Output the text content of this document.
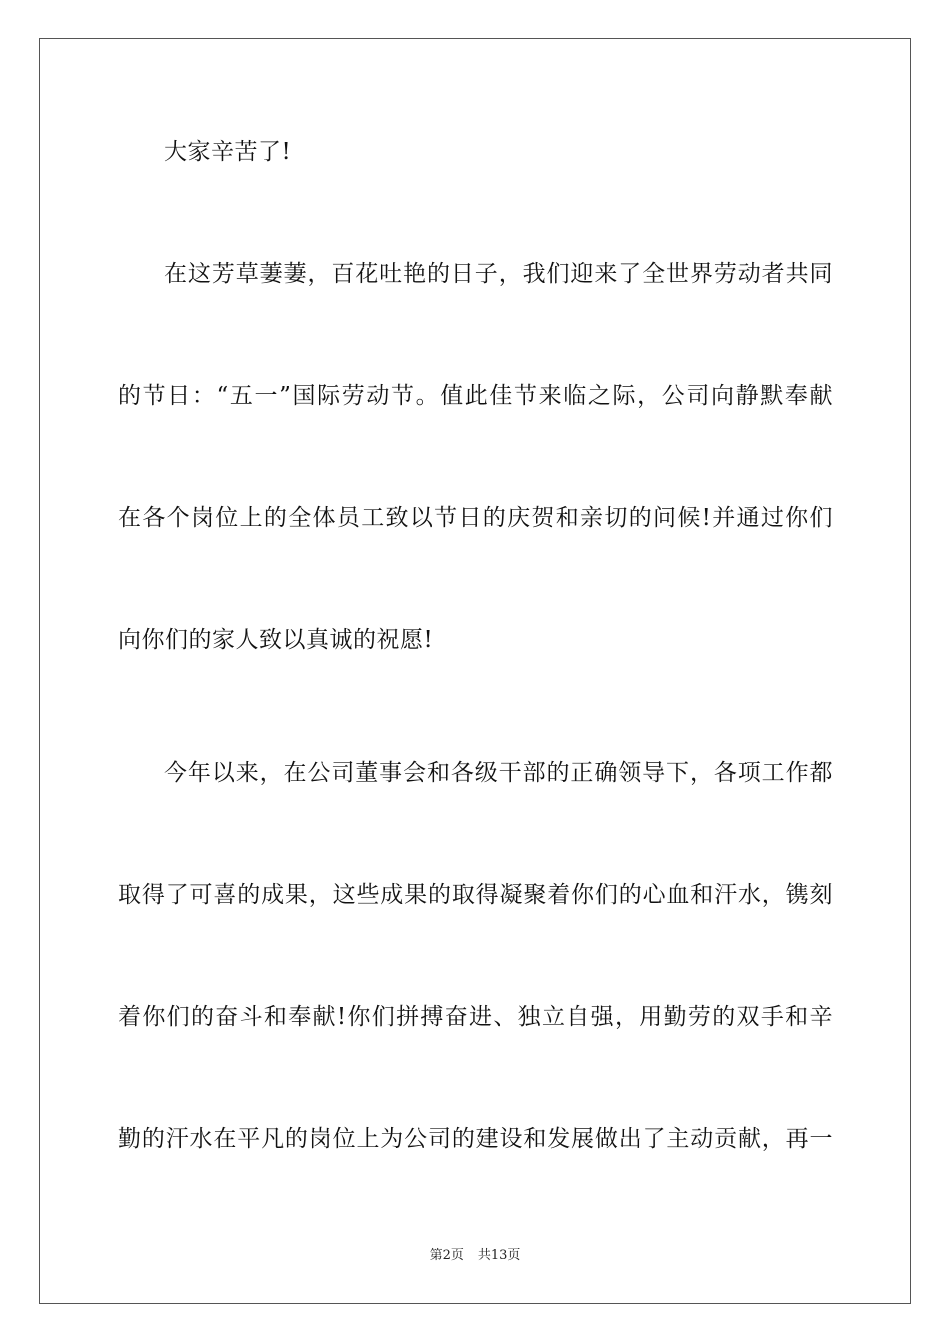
大家辛苦了!
在这芳草萋萋，百花吐艳的日子，我们迎来了全世界劳动者共同
的节日：“五一”国际劳动节。值此佳节来临之际，公司向静默奉献
在各个岗位上的全体员工致以节日的庆贺和亲切的问候!并通过你们
向你们的家人致以真诚的祝愿!
今年以来，在公司董事会和各级干部的正确领导下，各项工作都
取得了可喜的成果，这些成果的取得凝聚着你们的心血和汗水，镌刻
着你们的奋斗和奉献!你们拼搏奋进、独立自强，用勤劳的双手和辛
勤的汗水在平凡的岗位上为公司的建设和发展做出了主动贡献，再一
第2页 共13页
